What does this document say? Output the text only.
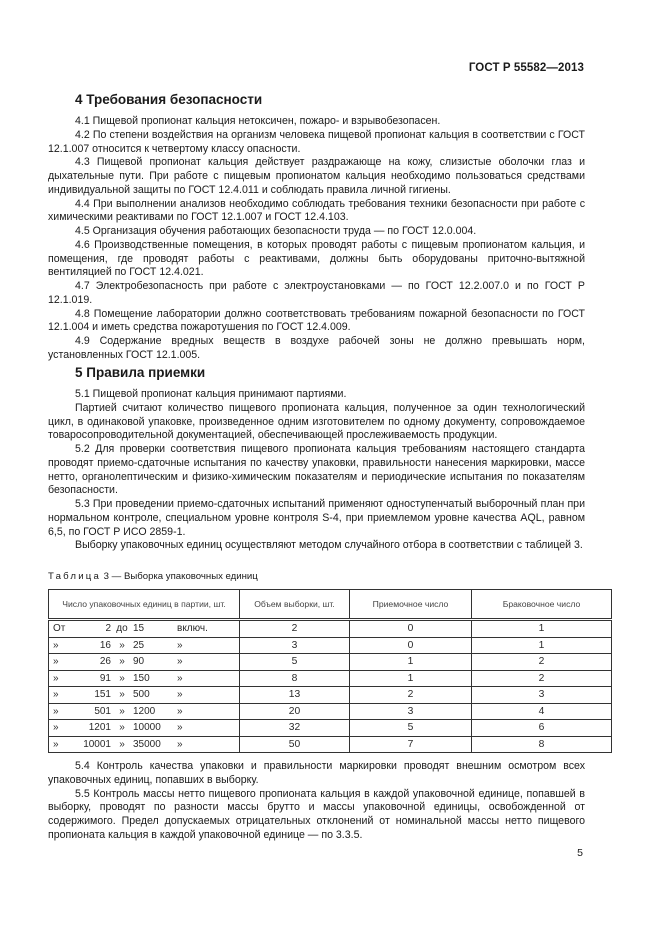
ГОСТ Р 55582—2013
4 Требования безопасности

4.1 Пищевой пропионат кальция нетоксичен, пожаро- и взрывобезопасен.

4.2 По степени воздействия на организм человека пищевой пропионат кальция в соответствии с ГОСТ 12.1.007 относится к четвертому классу опасности.

4.3 Пищевой пропионат кальция действует раздражающе на кожу, слизистые оболочки глаз и дыхательные пути. При работе с пищевым пропионатом кальция необходимо пользоваться средствами индивидуальной защиты по ГОСТ 12.4.011 и соблюдать правила личной гигиены.

4.4 При выполнении анализов необходимо соблюдать требования техники безопасности при работе с химическими реактивами по ГОСТ 12.1.007 и ГОСТ 12.4.103.

4.5 Организация обучения работающих безопасности труда — по ГОСТ 12.0.004.

4.6 Производственные помещения, в которых проводят работы с пищевым пропионатом кальция, и помещения, где проводят работы с реактивами, должны быть оборудованы приточно-вытяжной вентиляцией по ГОСТ 12.4.021.

4.7 Электробезопасность при работе с электроустановками — по ГОСТ 12.2.007.0 и по ГОСТ Р 12.1.019.

4.8 Помещение лаборатории должно соответствовать требованиям пожарной безопасности по ГОСТ 12.1.004 и иметь средства пожаротушения по ГОСТ 12.4.009.

4.9 Содержание вредных веществ в воздухе рабочей зоны не должно превышать норм, установленных ГОСТ 12.1.005.

5 Правила приемки

5.1 Пищевой пропионат кальция принимают партиями.

Партией считают количество пищевого пропионата кальция, полученное за один технологический цикл, в одинаковой упаковке, произведенное одним изготовителем по одному документу, сопровождаемое товаросопроводительной документацией, обеспечивающей прослеживаемость продукции.

5.2 Для проверки соответствия пищевого пропионата кальция требованиям настоящего стандарта проводят приемо-сдаточные испытания по качеству упаковки, правильности нанесения маркировки, массе нетто, органолептическим и физико-химическим показателям и периодические испытания по показателям безопасности.

5.3 При проведении приемо-сдаточных испытаний применяют одноступенчатый выборочный план при нормальном контроле, специальном уровне контроля S-4, при приемлемом уровне качества AQL, равном 6,5, по ГОСТ Р ИСО 2859-1.

Выборку упаковочных единиц осуществляют методом случайного отбора в соответствии с таблицей 3.

Таблица 3 — Выборка упаковочных единиц
Число упаковочных единиц в партии, шт.	Объем выборки, шт.	Приемочное число	Браковочное число

От 2 до 15 включ.	2	0	1

» 16 » 25 »	3	0	1

» 26 » 90 »	5	1	2

» 91 » 150 »	8	1	2

» 151 » 500 »	13	2	3

» 501 » 1200 »	20	3	4

» 1201 » 10000 »	32	5	6

» 10001 » 35000 »	50	7	8

5.4 Контроль качества упаковки и правильности маркировки проводят внешним осмотром всех упаковочных единиц, попавших в выборку.

5.5 Контроль массы нетто пищевого пропионата кальция в каждой упаковочной единице, попавшей в выборку, проводят по разности массы брутто и массы упаковочной единицы, освобожденной от содержимого. Предел допускаемых отрицательных отклонений от номинальной массы нетто пищевого пропионата кальция в каждой упаковочной единице — по 3.3.5.

5
